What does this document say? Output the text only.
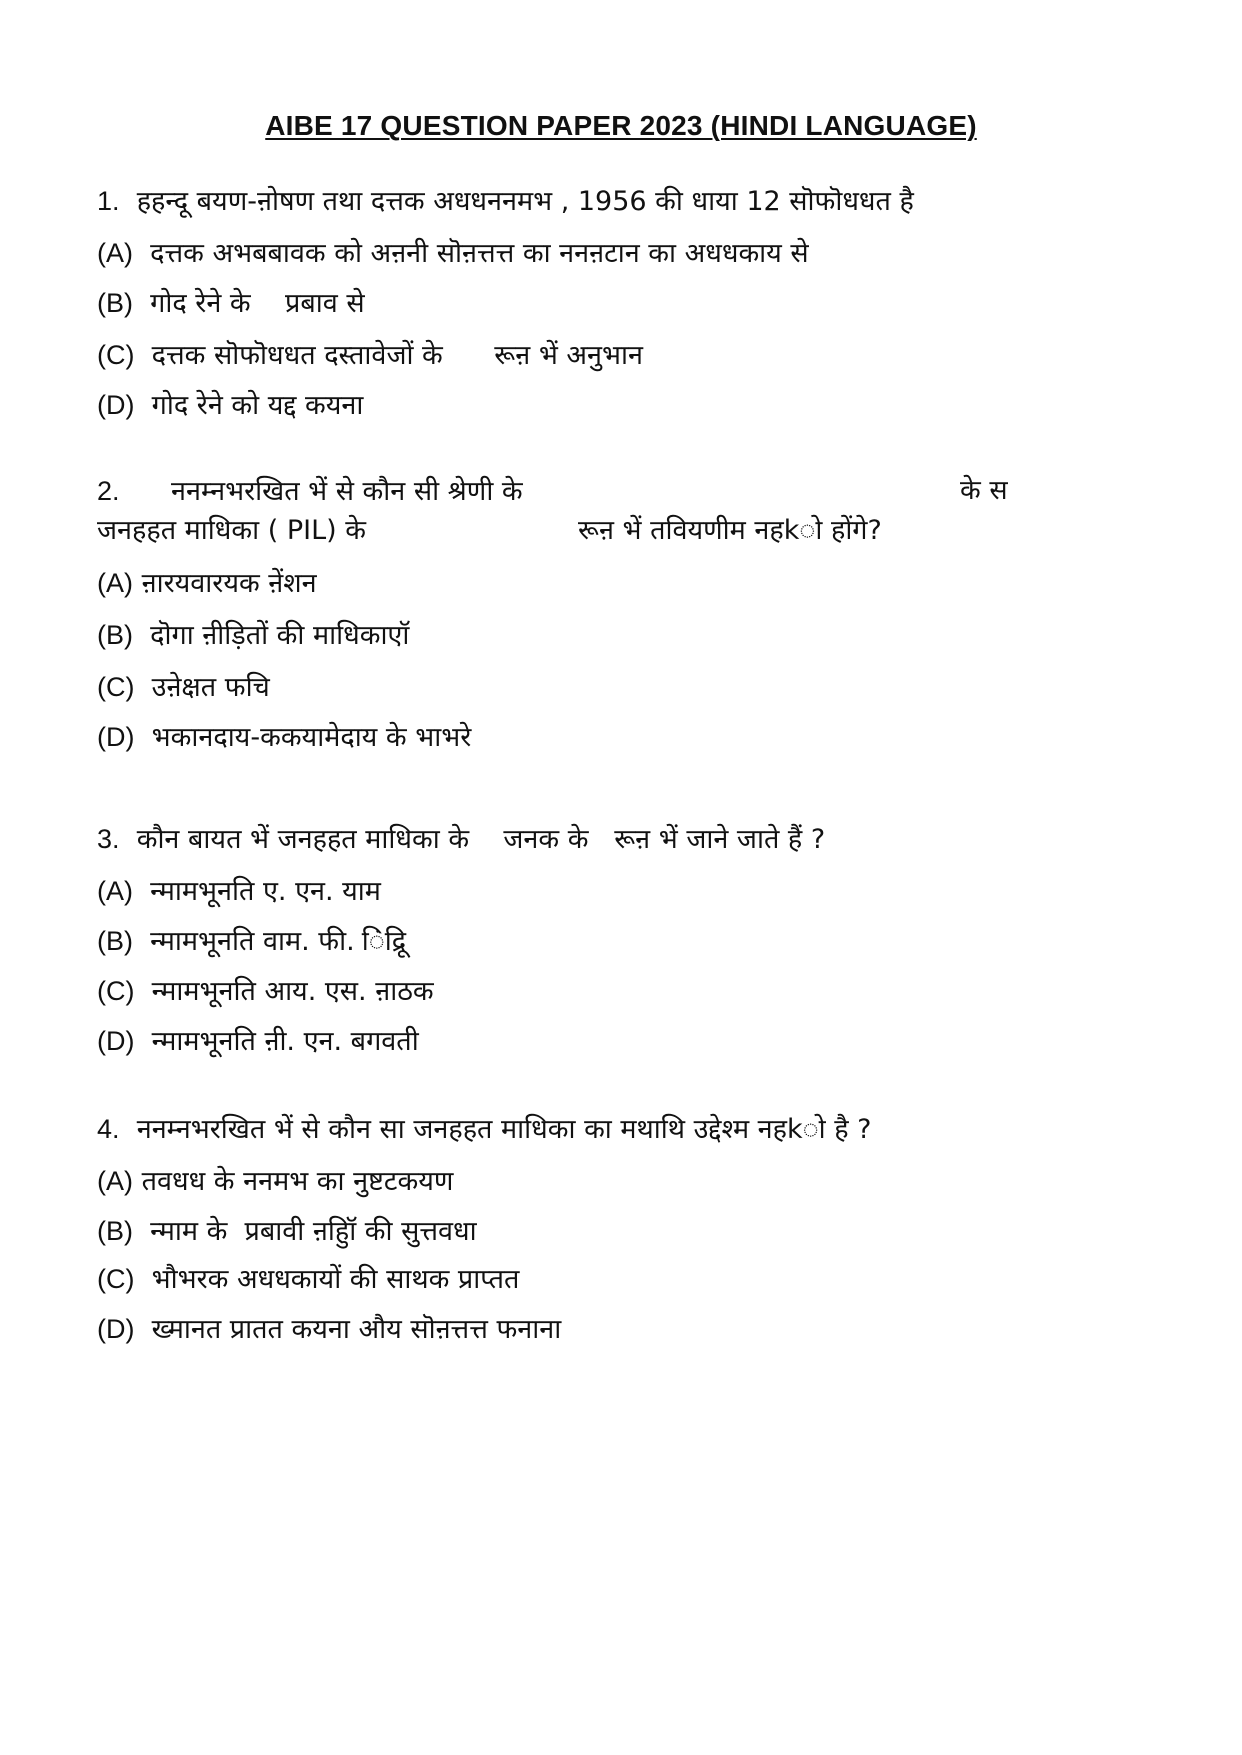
AIBE 17 QUESTION PAPER 2023 (HINDI LANGUAGE)
1. हहन्दू बयण-ऩोषण तथा दत्तक अधधननमभ , 1956 की धाया 12 सॊफॊधधत है
(A) दत्तक अभबबावक को अऩनी सॊऩत्तत्त का ननऩटान का अधधकाय से
(B) गोद रेने के    प्रबाव से
(C) दत्तक सॊफॊधधत दस्तावेजों के      रूऩ भें अनुभान
(D) गोद रेने को यद्द कयना
2. ननम्नभरखित भें से कौन सी श्रेणी के	के स
जनहहत माधिका ( PIL) के	रूऩ भें तवियणीम नहkो होंगे?
(A) ऩारयवारयक ऩेंशन
(B) दॊगा ऩीड़ितों की माधिकाएॉ
(C) उऩेक्षत फचि
(D) भकानदाय-ककयामेदाय के भाभरे
3. कौन बायत भें जनहहत माधिका के    जनक के   रूऩ भें जाने जाते हैं ?
(A) न्मामभूनति ए. एन. याम
(B) न्मामभूनति वाम. फी. िंद्रिू
(C) न्मामभूनति आय. एस. ऩाठक
(D) न्मामभूनति ऩी. एन. बगवती
4. ननम्नभरखित भें से कौन सा जनहहत माधिका का मथाथि उद्देश्म नहkो है ?
(A) तवधध के ननमभ का नुष्टटकयण
(B) न्माम के  प्रबावी ऩहुॉि की सुत्तवधा
(C) भौभरक अधधकायों की साथक प्राप्तत
(D) ख्मानत प्रातत कयना औय सॊऩत्तत्त फनाना
